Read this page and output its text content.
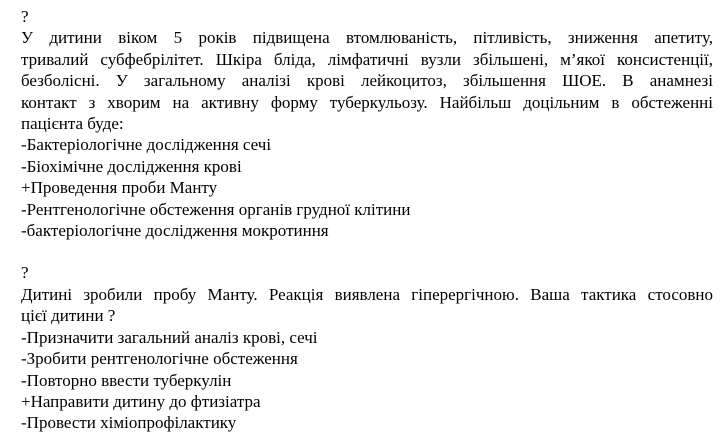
?
У дитини віком 5 років підвищена втомлюваність, пітливість, зниження апетиту,
тривалий субфебрілітет. Шкіра бліда, лімфатичні вузли збільшені, м’якої консистенції,
безболісні. У загальному аналізі крові лейкоцитоз, збільшення ШОЕ. В анамнезі
контакт з хворим на активну форму туберкульозу. Найбільш доцільним в обстеженні
пацієнта буде:
-Бактеріологічне дослідження сечі
-Біохімічне дослідження крові
+Проведення проби Манту
-Рентгенологічне обстеження органів грудної клітини
-бактеріологічне дослідження мокротиння
?
Дитині зробили пробу Манту. Реакція виявлена гіперергічною. Ваша тактика стосовно
цієї дитини ?
-Призначити загальний аналіз крові, сечі
-Зробити рентгенологічне обстеження
-Повторно ввести туберкулін
+Направити дитину до фтизіатра
-Провести хіміопрофілактику
